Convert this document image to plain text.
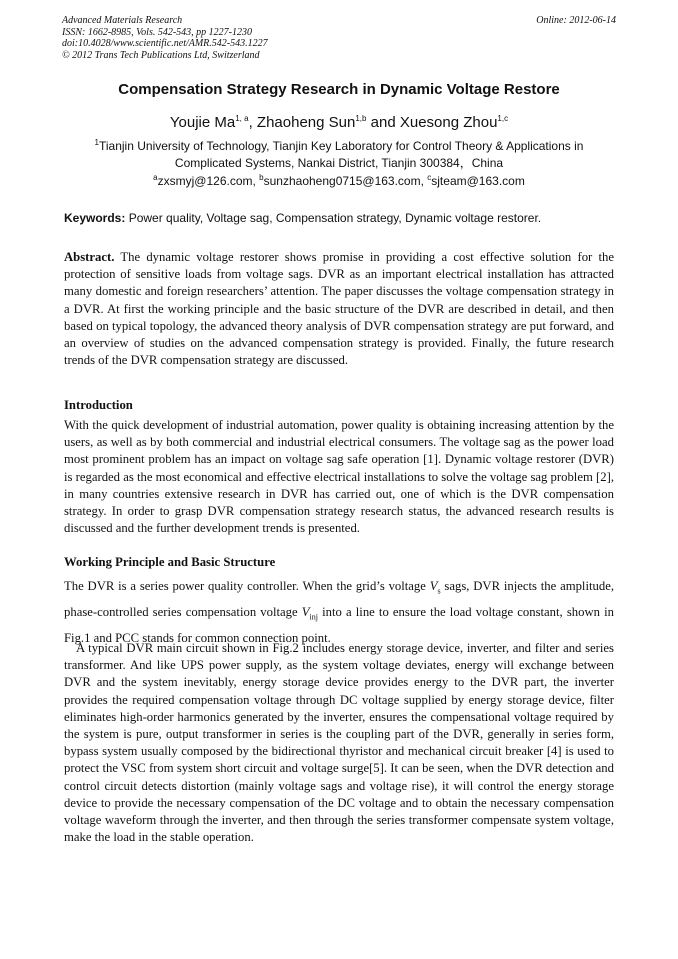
Advanced Materials Research
ISSN: 1662-8985, Vols. 542-543, pp 1227-1230
doi:10.4028/www.scientific.net/AMR.542-543.1227
© 2012 Trans Tech Publications Ltd, Switzerland
Online: 2012-06-14
Compensation Strategy Research in Dynamic Voltage Restore
Youjie Ma$^{1, a}$, Zhaoheng Sun$^{1,b}$ and Xuesong Zhou$^{1,c}$
$^1$Tianjin University of Technology, Tianjin Key Laboratory for Control Theory & Applications in
Complicated Systems, Nankai District, Tianjin 300384，China
$^a$zxsmyj@126.com, $^b$sunzhaoheng0715@163.com, $^c$sjteam@163.com
Keywords: Power quality, Voltage sag, Compensation strategy, Dynamic voltage restorer.
Abstract. The dynamic voltage restorer shows promise in providing a cost effective solution for the protection of sensitive loads from voltage sags. DVR as an important electrical installation has attracted many domestic and foreign researchers’ attention. The paper discusses the voltage compensation strategy in a DVR. At first the working principle and the basic structure of the DVR are described in detail, and then based on typical topology, the advanced theory analysis of DVR compensation strategy are put forward, and an overview of studies on the advanced compensation strategy is provided. Finally, the future research trends of the DVR compensation strategy are discussed.
Introduction
With the quick development of industrial automation, power quality is obtaining increasing attention by the users, as well as by both commercial and industrial electrical consumers. The voltage sag as the power load most prominent problem has an impact on voltage sag safe operation [1]. Dynamic voltage restorer (DVR) is regarded as the most economical and effective electrical installations to solve the voltage sag problem [2], in many countries extensive research in DVR has carried out, one of which is the DVR compensation strategy. In order to grasp DVR compensation strategy research status, the advanced research results is discussed and the further development trends is presented.
Working Principle and Basic Structure
The DVR is a series power quality controller. When the grid’s voltage $V_s$ sags, DVR injects the amplitude, phase-controlled series compensation voltage $V_{inj}$ into a line to ensure the load voltage constant, shown in Fig.1 and PCC stands for common connection point.
A typical DVR main circuit shown in Fig.2 includes energy storage device, inverter, and filter and series transformer. And like UPS power supply, as the system voltage deviates, energy will exchange between DVR and the system inevitably, energy storage device provides energy to the DVR part, the inverter provides the required compensation voltage through DC voltage supplied by energy storage device, filter eliminates high-order harmonics generated by the inverter, ensures the compensational voltage required by the system is pure, output transformer in series is the coupling part of the DVR, generally in series form, bypass system usually composed by the bidirectional thyristor and mechanical circuit breaker [4] is used to protect the VSC from system short circuit and voltage surge[5]. It can be seen, when the DVR detection and control circuit detects distortion (mainly voltage sags and voltage rise), it will control the energy storage device to provide the necessary compensation of the DC voltage and to obtain the necessary compensation voltage waveform through the inverter, and then through the series transformer compensate system voltage, make the load in the stable operation.
